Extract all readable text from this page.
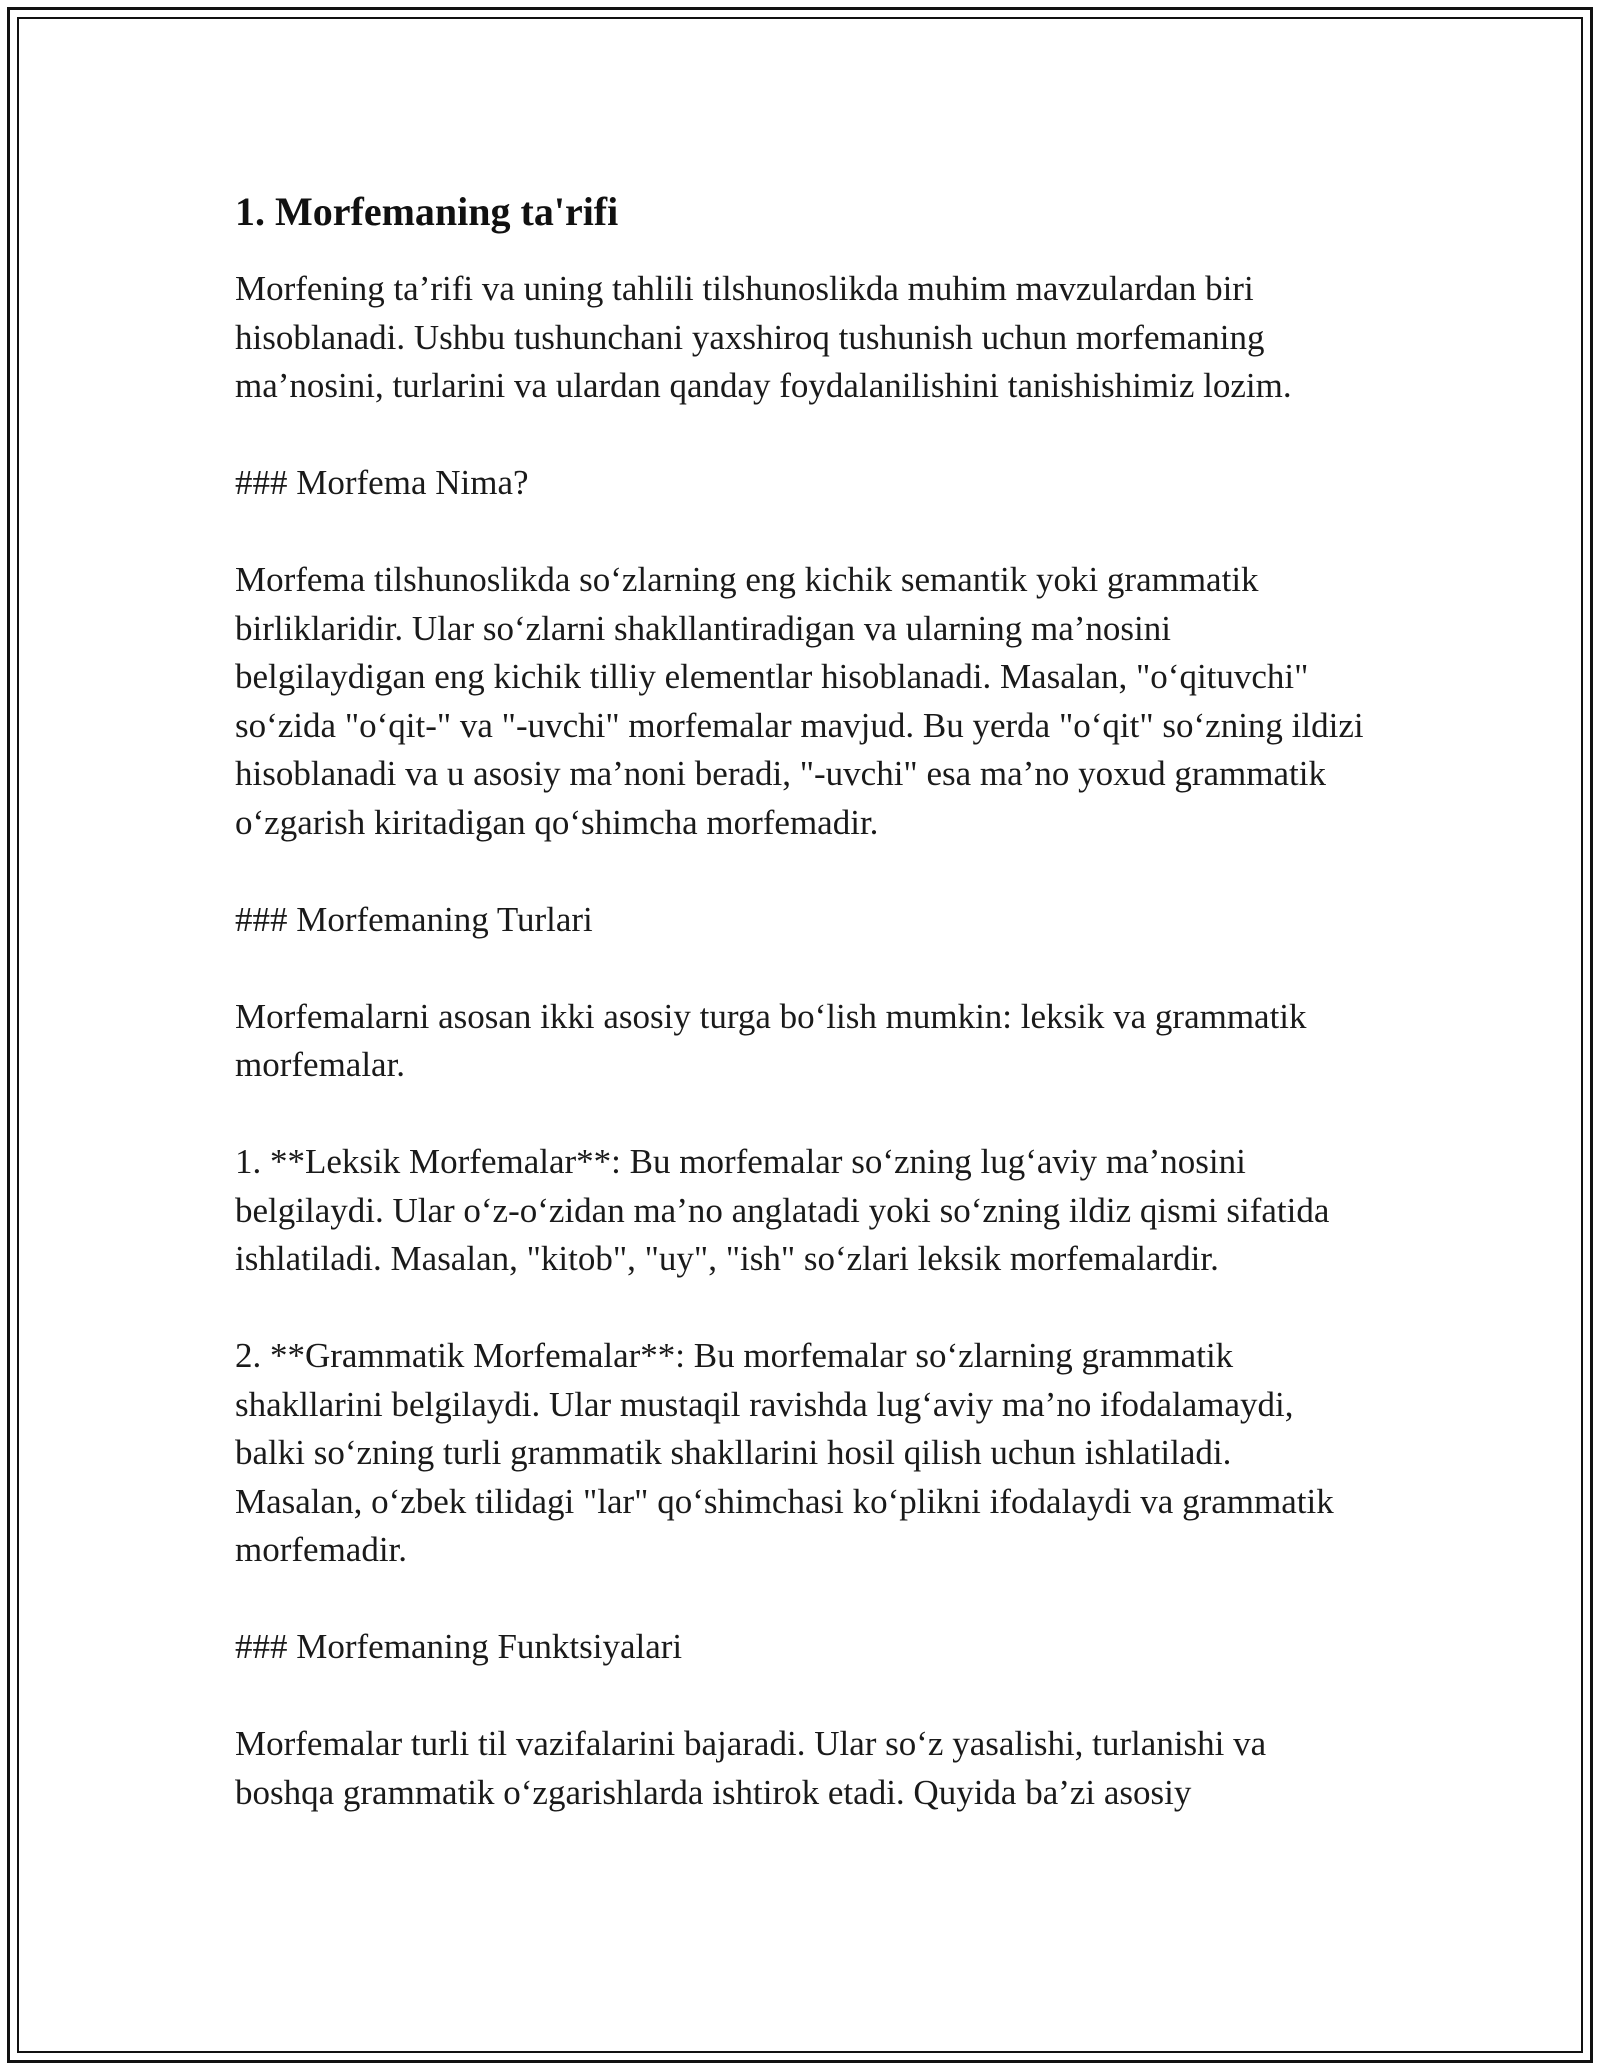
1. Morfemaning ta'rifi

Morfening ta’rifi va uning tahlili tilshunoslikda muhim mavzulardan biri hisoblanadi. Ushbu tushunchani yaxshiroq tushunish uchun morfemaning ma’nosini, turlarini va ulardan qanday foydalanilishini tanishishimiz lozim.

### Morfema Nima?

Morfema tilshunoslikda so‘zlarning eng kichik semantik yoki grammatik birliklaridir. Ular so‘zlarni shakllantiradigan va ularning ma’nosini belgilaydigan eng kichik tilliy elementlar hisoblanadi. Masalan, "o‘qituvchi" so‘zida "o‘qit-" va "-uvchi" morfemalar mavjud. Bu yerda "o‘qit" so‘zning ildizi hisoblanadi va u asosiy ma’noni beradi, "-uvchi" esa ma’no yoxud grammatik o‘zgarish kiritadigan qo‘shimcha morfemadir.

### Morfemaning Turlari

Morfemalarni asosan ikki asosiy turga bo‘lish mumkin: leksik va grammatik morfemalar.

1. **Leksik Morfemalar**: Bu morfemalar so‘zning lug‘aviy ma’nosini belgilaydi. Ular o‘z-o‘zidan ma’no anglatadi yoki so‘zning ildiz qismi sifatida ishlatiladi. Masalan, "kitob", "uy", "ish" so‘zlari leksik morfemalardir.

2. **Grammatik Morfemalar**: Bu morfemalar so‘zlarning grammatik shakllarini belgilaydi. Ular mustaqil ravishda lug‘aviy ma’no ifodalamaydi, balki so‘zning turli grammatik shakllarini hosil qilish uchun ishlatiladi. Masalan, o‘zbek tilidagi "lar" qo‘shimchasi ko‘plikni ifodalaydi va grammatik morfemadir.

### Morfemaning Funktsiyalari

Morfemalar turli til vazifalarini bajaradi. Ular so‘z yasalishi, turlanishi va boshqa grammatik o‘zgarishlarda ishtirok etadi. Quyida ba’zi asosiy
